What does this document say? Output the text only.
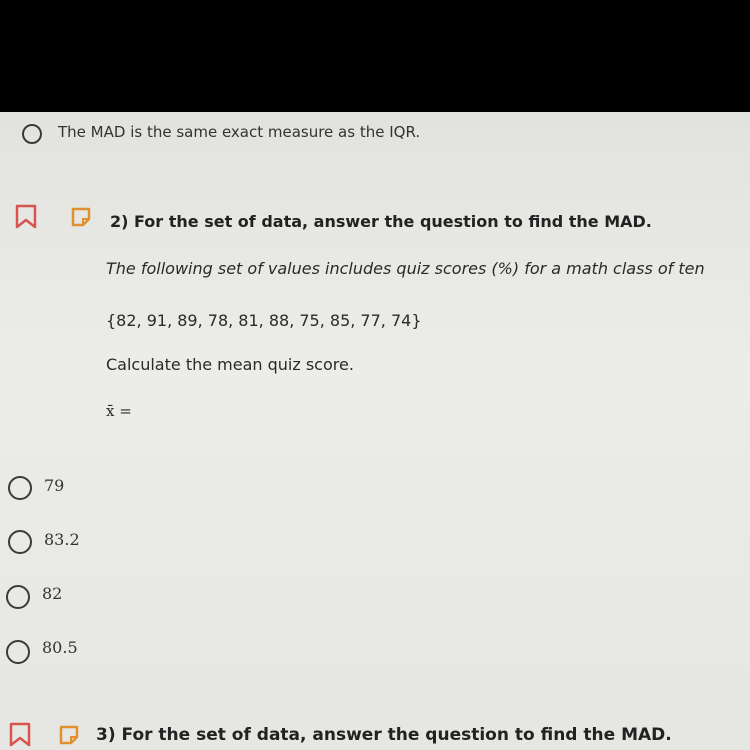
The MAD is the same exact measure as the IQR.
2) For the set of data, answer the question to find the MAD.
The following set of values includes quiz scores (%) for a math class of ten
{82, 91, 89, 78, 81, 88, 75, 85, 77, 74}
Calculate the mean quiz score.
x̄ =
79
83.2
82
80.5
3) For the set of data, answer the question to find the MAD.
